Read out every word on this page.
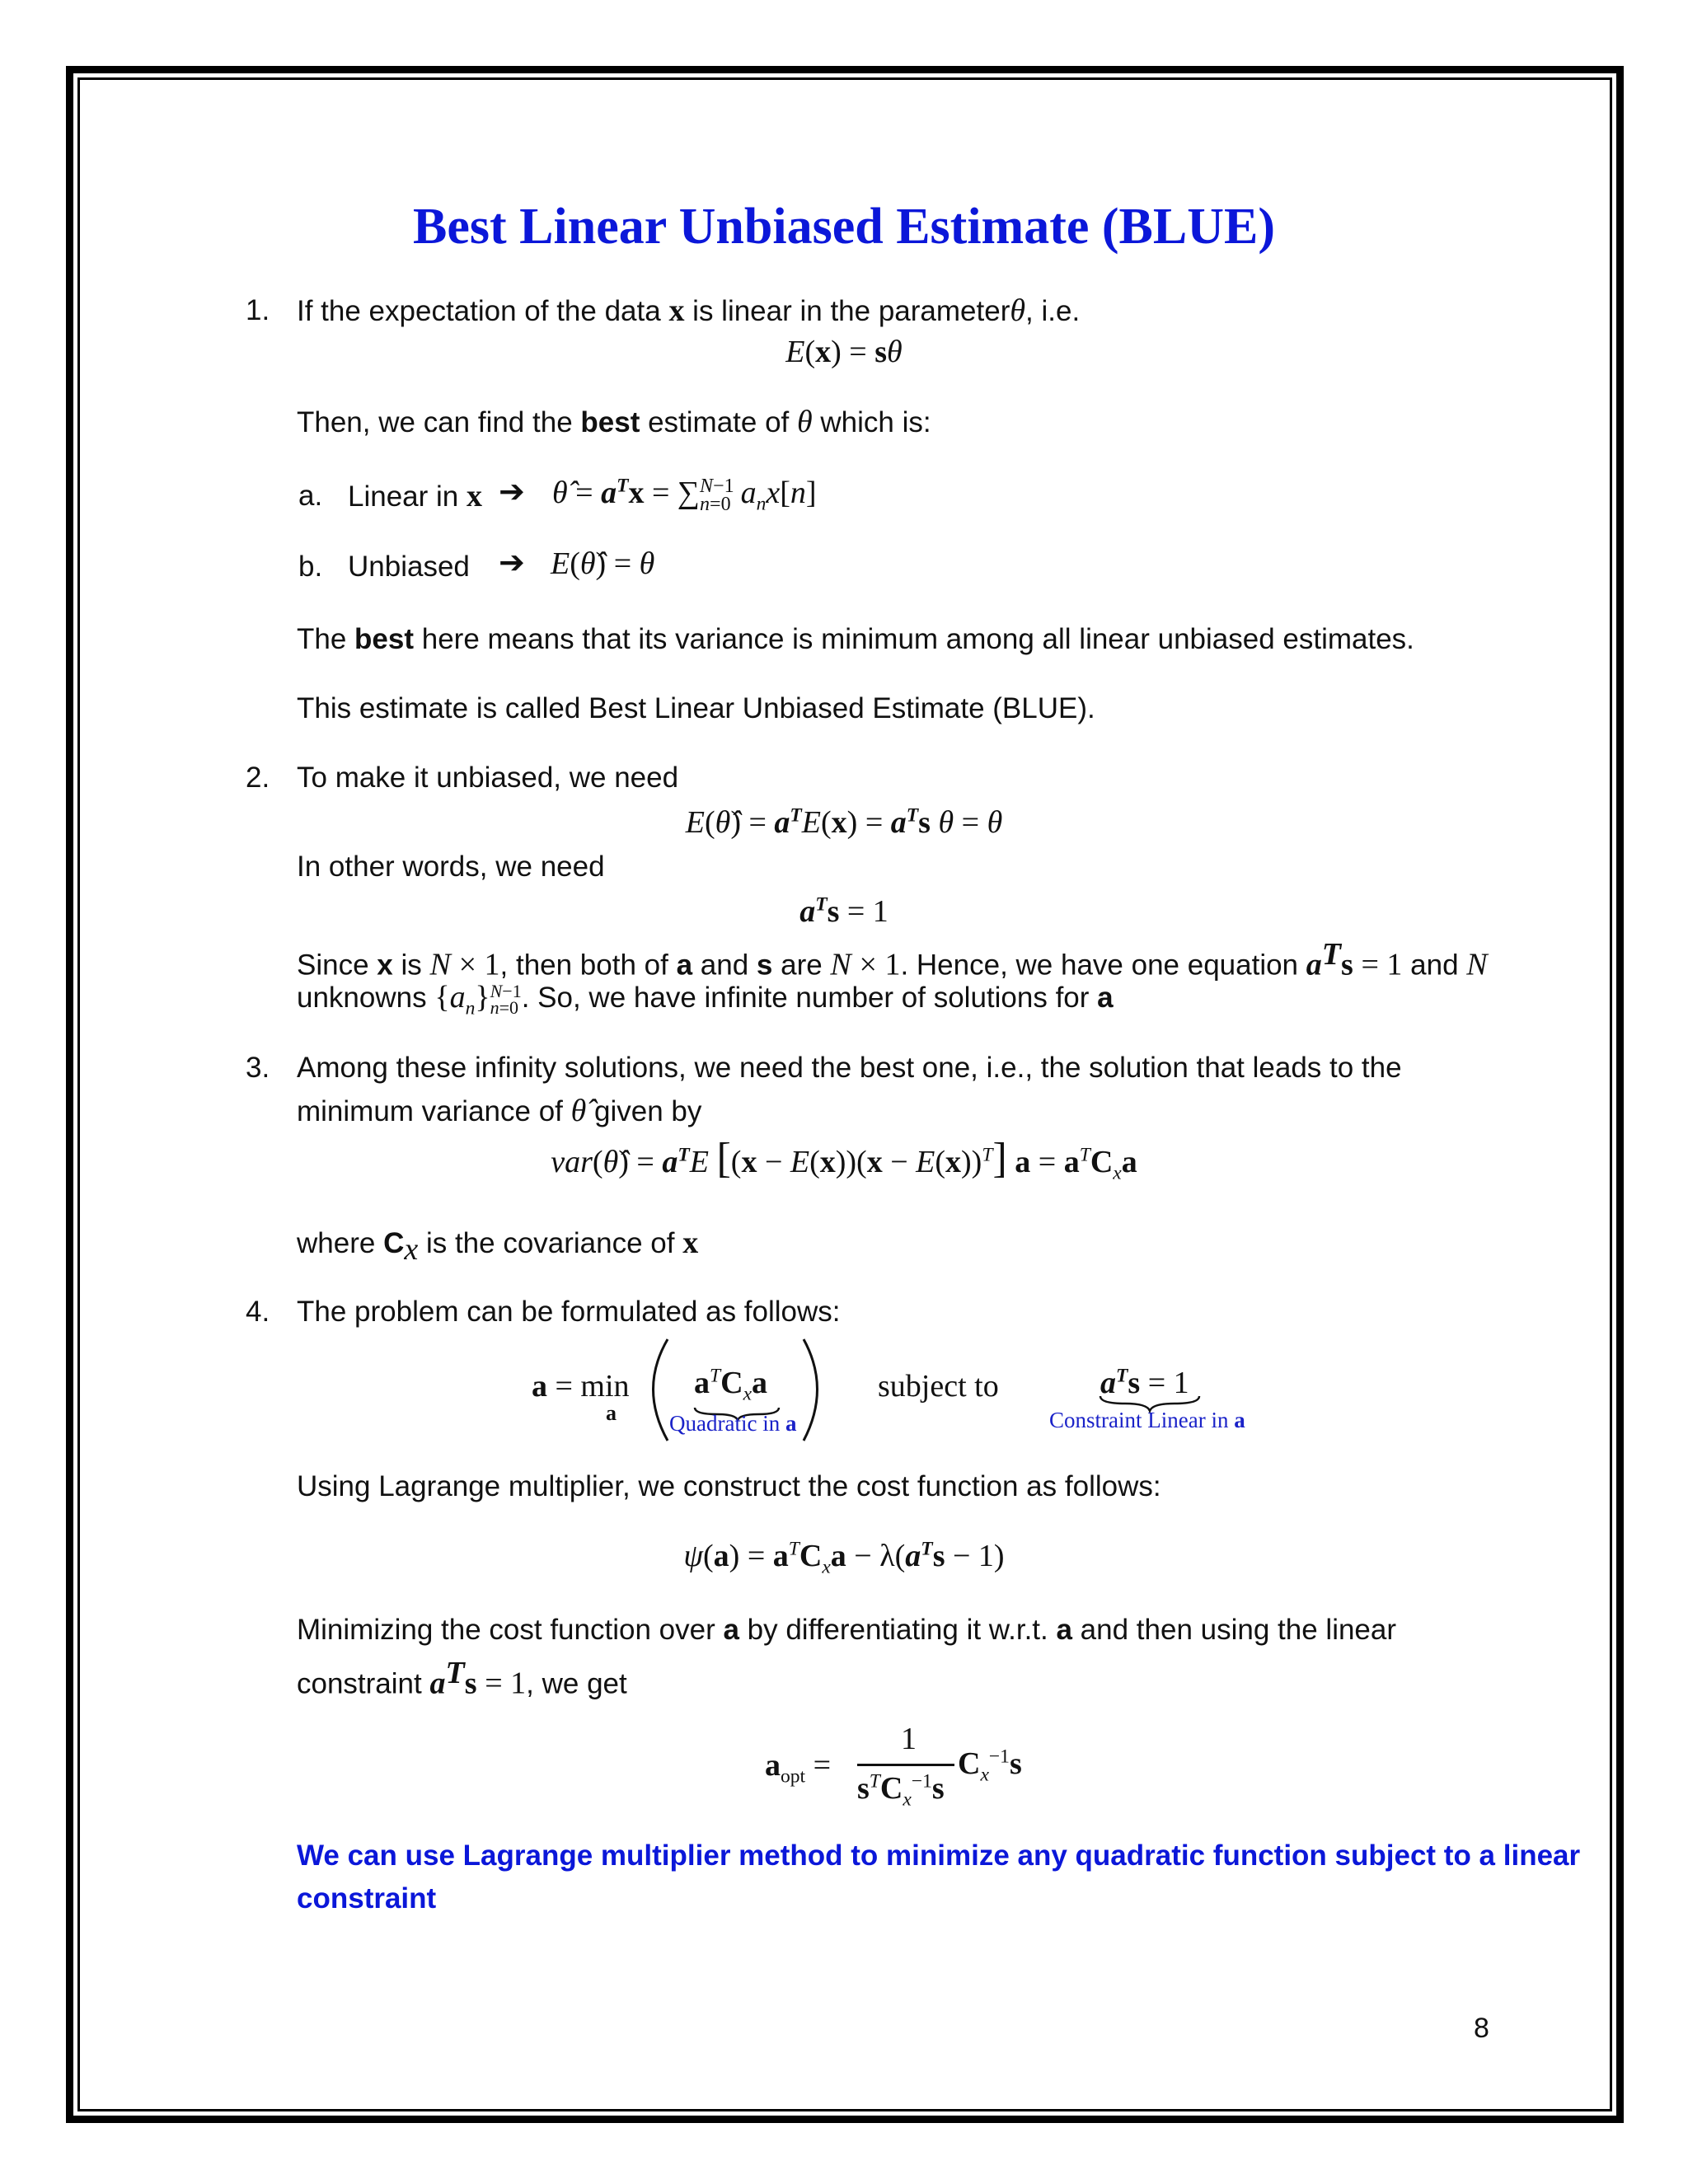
Best Linear Unbiased Estimate (BLUE)
1. If the expectation of the data x is linear in the parameterθ, i.e.
E(x) = sθ
Then, we can find the best estimate of θ which is:
a. Linear in x ➔ θ̂ = $a^Tx = \sum N-1$
n=0 $a_nx[n]$
b. Unbiased ➔ E(θ̂) = θ
The best here means that its variance is minimum among all linear unbiased estimates.
This estimate is called Best Linear Unbiased Estimate (BLUE).
2. To make it unbiased, we need
E(θ̂) = $a^TE(x) = a^Ts$ θ = θ
In other words, we need
$a^Ts = 1$
Since x is N × 1, then both of a and s are N × 1. Hence, we have one equation $a^Ts = 1$ and N
unknowns $\{a_n\}N-1$
n=0 . So, we have infinite number of solutions for a
3. Among these infinity solutions, we need the best one, i.e., the solution that leads to the
minimum variance of θ̂ given by
var(θ̂) = $a^TE$ $[(x - E(x))(x - E(x))^T]$ $a = a^TC_xa$
where $C_x$ is the covariance of x
4. The problem can be formulated as follows:
a = min
a
$a^TC_xa$
Quadratic in a
subject to	$a^Ts = 1$
Constraint Linear in a
Using Lagrange multiplier, we construct the cost function as follows:
$\psi(a) = a^TC_xa - \lambda(a^Ts - 1)$
Minimizing the cost function over a by differentiating it w.r.t. a and then using the linear
constraint $a^Ts = 1$, we get
$a_{opt}$ =
1
$s^TC_x^{-1}s$
$C_x^{-1}s$
We can use Lagrange multiplier method to minimize any quadratic function subject to a linear
constraint
8
